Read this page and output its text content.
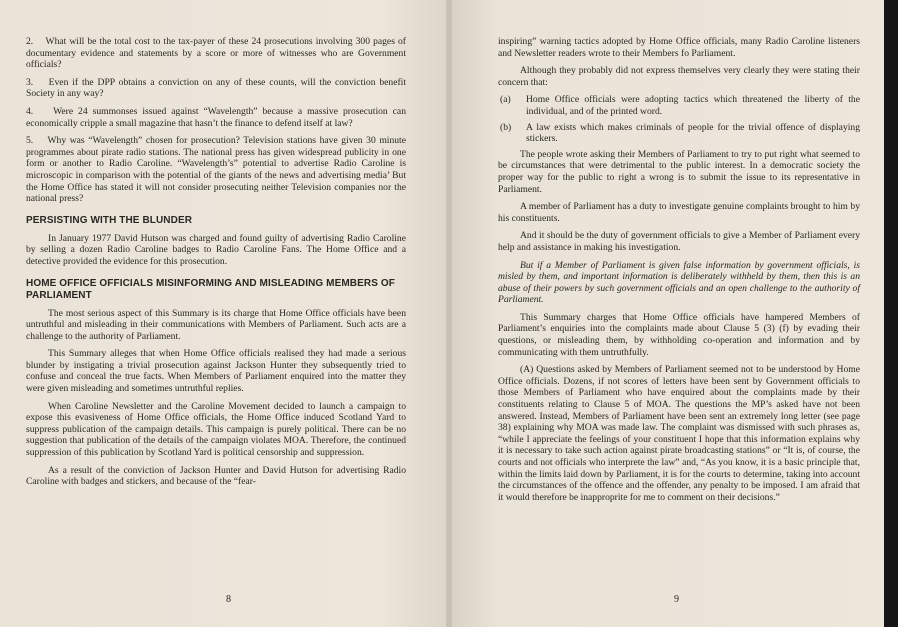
2.    What will be the total cost to the tax-payer of these 24 prosecutions involving 300 pages of documentary evidence and statements by a score or more of witnesses who are Government officials?

3.    Even if the DPP obtains a conviction on any of these counts, will the conviction benefit Society in any way?

4.    Were 24 summonses issued against “Wavelength” because a massive prosecution can economically cripple a small magazine that hasn’t the finance to defend itself at law?

5.    Why was “Wavelength” chosen for prosecution? Television stations have given 30 minute programmes about pirate radio stations. The national press has given widespread publicity in one form or another to Radio Caroline. “Wavelength’s” potential to advertise Radio Caroline is microscopic in comparison with the potential of the giants of the news and advertising media’ But the Home Office has stated it will not consider prosecuting neither Television companies nor the national press?

PERSISTING WITH THE BLUNDER

In January 1977 David Hutson was charged and found guilty of advertising Radio Caroline by selling a dozen Radio Caroline badges to Radio Caroline Fans. The Home Office and a detective provided the evidence for this prosecution.

HOME OFFICE OFFICIALS MISINFORMING AND MISLEADING MEMBERS OF PARLIAMENT

The most serious aspect of this Summary is its charge that Home Office officials have been untruthful and misleading in their communications with Members of Parliament. Such acts are a challenge to the authority of Parliament.

This Summary alleges that when Home Office officials realised they had made a serious blunder by instigating a trivial prosecution against Jackson Hunter they subsequently tried to confuse and conceal the true facts. When Members of Parliament enquired into the matter they were given misleading and sometimes untruthful replies.

When Caroline Newsletter and the Caroline Movement decided to launch a campaign to expose this evasiveness of Home Office officials, the Home Office induced Scotland Yard to suppress publication of the campaign details. This campaign is purely political. There can be no suggestion that publication of the details of the campaign violates MOA. Therefore, the continued suppression of this publication by Scotland Yard is political censorship and suppression.

As a result of the conviction of Jackson Hunter and David Hutson for advertising Radio Caroline with badges and stickers, and because of the “fear-

8

inspiring” warning tactics adopted by Home Office officials, many Radio Caroline listeners and Newsletter readers wrote to their Members fo Parliament.

Although they probably did not express themselves very clearly they were stating their concern that:

(a)	Home Office officials were adopting tactics which threatened the liberty of the individual, and of the printed word.
(b)	A law exists which makes criminals of people for the trivial offence of displaying stickers.

The people wrote asking their Members of Parliament to try to put right what seemed to be circumstances that were detrimental to the public interest. In a democratic society the proper way for the public to right a wrong is to submit the issue to its representative in Parliament.

A member of Parliament has a duty to investigate genuine complaints brought to him by his constituents.

And it should be the duty of government officials to give a Member of Parliament every help and assistance in making his investigation.

But if a Member of Parliament is given false information by government officials, is misled by them, and important information is deliberately withheld by them, then this is an abuse of their powers by such government officials and an open challenge to the authority of Parliament.

This Summary charges that Home Office officials have hampered Members of Parliament’s enquiries into the complaints made about Clause 5 (3) (f) by evading their questions, or misleading them, by withholding co-operation and information and by communicating with them untruthfully.

(A) Questions asked by Members of Parliament seemed not to be understood by Home Office officials. Dozens, if not scores of letters have been sent by Government officials to those Members of Parliament who have enquired about the complaints made by their constituents relating to Clause 5 of MOA. The questions the MP’s asked have not been answered. Instead, Members of Parliament have been sent an extremely long letter (see page 38) explaining why MOA was made law. The complaint was dismissed with such phrases as, “while I appreciate the feelings of your constituent I hope that this information explains why it is necessary to take such action against pirate broadcasting stations” or “It is, of course, the courts and not officials who interprete the law” and, “As you know, it is a basic principle that, within the limits laid down by Parliament, it is for the courts to determine, taking into account the circumstances of the offence and the offender, any penalty to be imposed. I am afraid that it would therefore be inapproprite for me to comment on their decisions.”

9
